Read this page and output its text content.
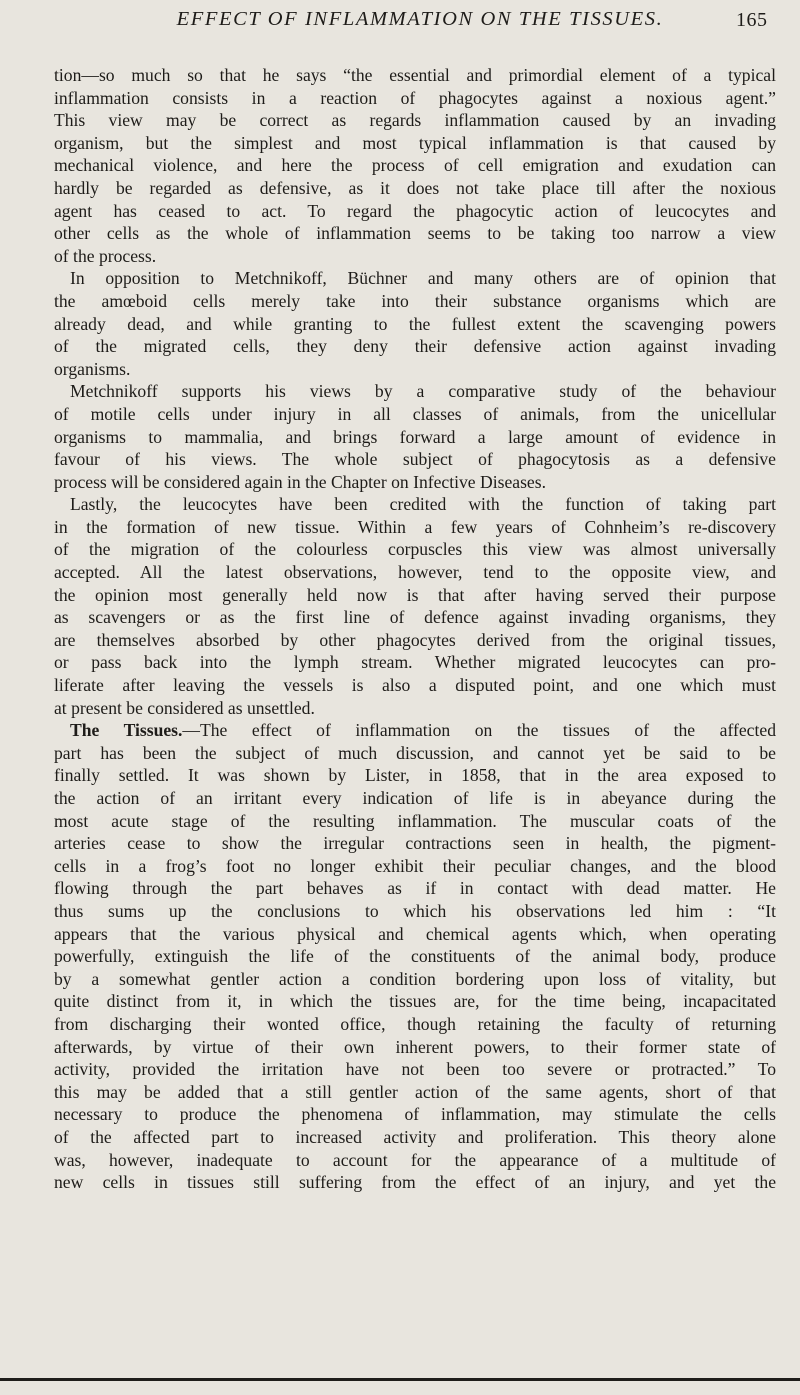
EFFECT OF INFLAMMATION ON THE TISSUES.	165
tion—so much so that he says “the essential and primordial element of a typical
inflammation consists in a reaction of phagocytes against a noxious agent.”
This view may be correct as regards inflammation caused by an invading
organism, but the simplest and most typical inflammation is that caused by
mechanical violence, and here the process of cell emigration and exudation can
hardly be regarded as defensive, as it does not take place till after the noxious
agent has ceased to act. To regard the phagocytic action of leucocytes and
other cells as the whole of inflammation seems to be taking too narrow a view
of the process.
In opposition to Metchnikoff, Büchner and many others are of opinion that
the amœboid cells merely take into their substance organisms which are
already dead, and while granting to the fullest extent the scavenging powers
of the migrated cells, they deny their defensive action against invading
organisms.
Metchnikoff supports his views by a comparative study of the behaviour
of motile cells under injury in all classes of animals, from the unicellular
organisms to mammalia, and brings forward a large amount of evidence in
favour of his views. The whole subject of phagocytosis as a defensive
process will be considered again in the Chapter on Infective Diseases.
Lastly, the leucocytes have been credited with the function of taking part
in the formation of new tissue. Within a few years of Cohnheim’s re-discovery
of the migration of the colourless corpuscles this view was almost universally
accepted. All the latest observations, however, tend to the opposite view, and
the opinion most generally held now is that after having served their purpose
as scavengers or as the first line of defence against invading organisms, they
are themselves absorbed by other phagocytes derived from the original tissues,
or pass back into the lymph stream. Whether migrated leucocytes can pro-
liferate after leaving the vessels is also a disputed point, and one which must
at present be considered as unsettled.
The Tissues.—The effect of inflammation on the tissues of the affected
part has been the subject of much discussion, and cannot yet be said to be
finally settled. It was shown by Lister, in 1858, that in the area exposed to
the action of an irritant every indication of life is in abeyance during the
most acute stage of the resulting inflammation. The muscular coats of the
arteries cease to show the irregular contractions seen in health, the pigment-
cells in a frog’s foot no longer exhibit their peculiar changes, and the blood
flowing through the part behaves as if in contact with dead matter. He
thus sums up the conclusions to which his observations led him : “It
appears that the various physical and chemical agents which, when operating
powerfully, extinguish the life of the constituents of the animal body, produce
by a somewhat gentler action a condition bordering upon loss of vitality, but
quite distinct from it, in which the tissues are, for the time being, incapacitated
from discharging their wonted office, though retaining the faculty of returning
afterwards, by virtue of their own inherent powers, to their former state of
activity, provided the irritation have not been too severe or protracted.” To
this may be added that a still gentler action of the same agents, short of that
necessary to produce the phenomena of inflammation, may stimulate the cells
of the affected part to increased activity and proliferation. This theory alone
was, however, inadequate to account for the appearance of a multitude of
new cells in tissues still suffering from the effect of an injury, and yet the
